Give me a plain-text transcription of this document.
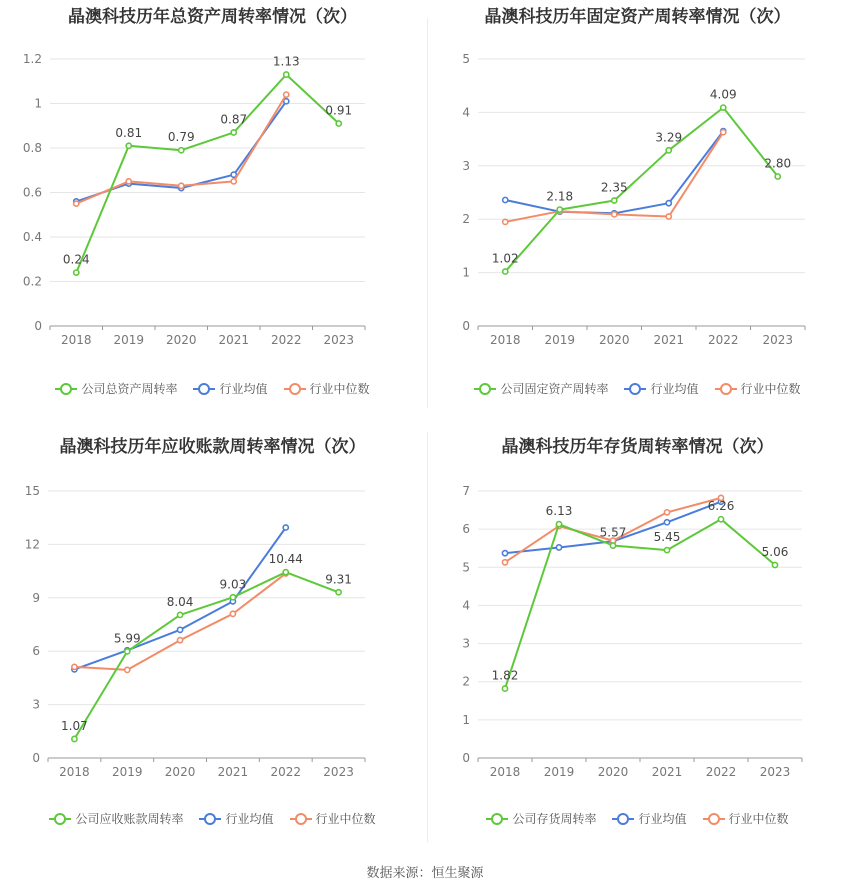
晶澳科技历年总资产周转率情况（次）
0
0.2
0.4
0.6
0.8
1
1.2
2018 2019 2020 2021 2022 2023
0.24
0.81 0.79
0.87
1.13
0.91
公司总资产周转率	行业均值	行业中位数
晶澳科技历年固定资产周转率情况（次）
0
1
2
3
4
5
2018 2019 2020 2021 2022 2023
1.02
2.18
2.35
3.29
4.09
2.80
公司固定资产周转率	行业均值	行业中位数
晶澳科技历年应收账款周转率情况（次）
0
3
6
9
12
15
2018 2019 2020 2021 2022 2023
1.07
5.99
8.04
9.03
10.44
9.31
公司应收账款周转率	行业均值	行业中位数
晶澳科技历年存货周转率情况（次）
0
1
2
3
4
5
6
7
2018 2019 2020 2021 2022 2023
1.82
6.13
5.57 5.45
6.26
5.06
公司存货周转率	行业均值	行业中位数
数据来源：恒生聚源
